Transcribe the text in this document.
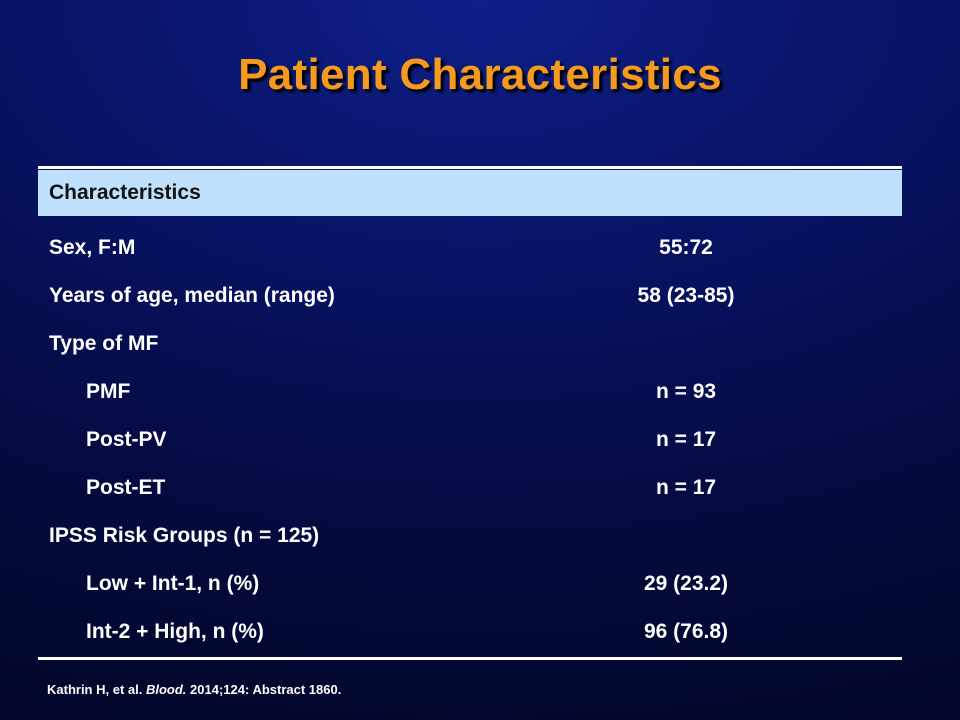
Patient Characteristics
Characteristics
Sex, F:M	55:72
Years of age, median (range)	58 (23-85)
Type of MF
PMF	n = 93
Post-PV	n = 17
Post-ET	n = 17
IPSS Risk Groups (n = 125)
Low + Int-1, n (%)	29 (23.2)
Int-2 + High, n (%)	96 (76.8)
Kathrin H, et al. Blood. 2014;124: Abstract 1860.
